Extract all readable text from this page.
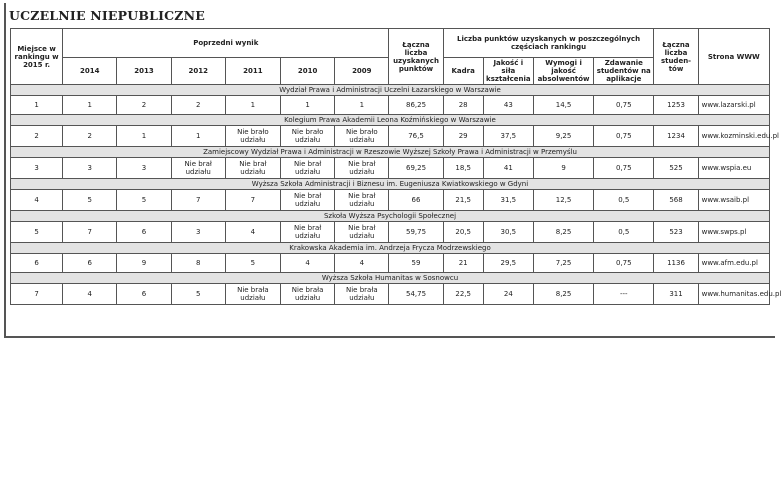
UCZELNIE NIEPUBLICZNE
Miejsce w rankingu w 2015 r.	Poprzedni wynik						Łączna liczba uzyskanych punktów	Liczba punktów uzyskanych w poszczególnych częściach rankingu				Łączna liczba studen-tów	Strona WWW
	2014	2013	2012	2011	2010	2009		Kadra	Jakość i siła kształcenia	Wymogi i jakość absolwentów	Zdawanie studentów na aplikacje		
Wydział Prawa i Administracji Uczelni Łazarskiego w Warszawie													
1	1	2	2	1	1	1	86,25	28	43	14,5	0,75	1253	www.lazarski.pl
Kolegium Prawa Akademii Leona Koźmińskiego w Warszawie													
2	2	1	1	Nie brało udziału	Nie brało udziału	Nie brało udziału	76,5	29	37,5	9,25	0,75	1234	www.kozminski.edu.pl
Zamiejscowy Wydział Prawa i Administracji w Rzeszowie Wyższej Szkoły Prawa i Administracji w Przemyślu													
3	3	3	Nie brał udziału	Nie brał udziału	Nie brał udziału	Nie brał udziału	69,25	18,5	41	9	0,75	525	www.wspia.eu
Wyższa Szkoła Administracji i Biznesu im. Eugeniusza Kwiatkowskiego w Gdyni													
4	5	5	7	7	Nie brał udziału	Nie brał udziału	66	21,5	31,5	12,5	0,5	568	www.wsaib.pl
Szkoła Wyższa Psychologii Społecznej													
5	7	6	3	4	Nie brał udziału	Nie brał udziału	59,75	20,5	30,5	8,25	0,5	523	www.swps.pl
Krakowska Akademia im. Andrzeja Frycza Modrzewskiego													
6	6	9	8	5	4	4	59	21	29,5	7,25	0,75	1136	www.afm.edu.pl
Wyższa Szkoła Humanitas w Sosnowcu													
7	4	6	5	Nie brała udziału	Nie brała udziału	Nie brała udziału	54,75	22,5	24	8,25	---	311	www.humanitas.edu.pl
